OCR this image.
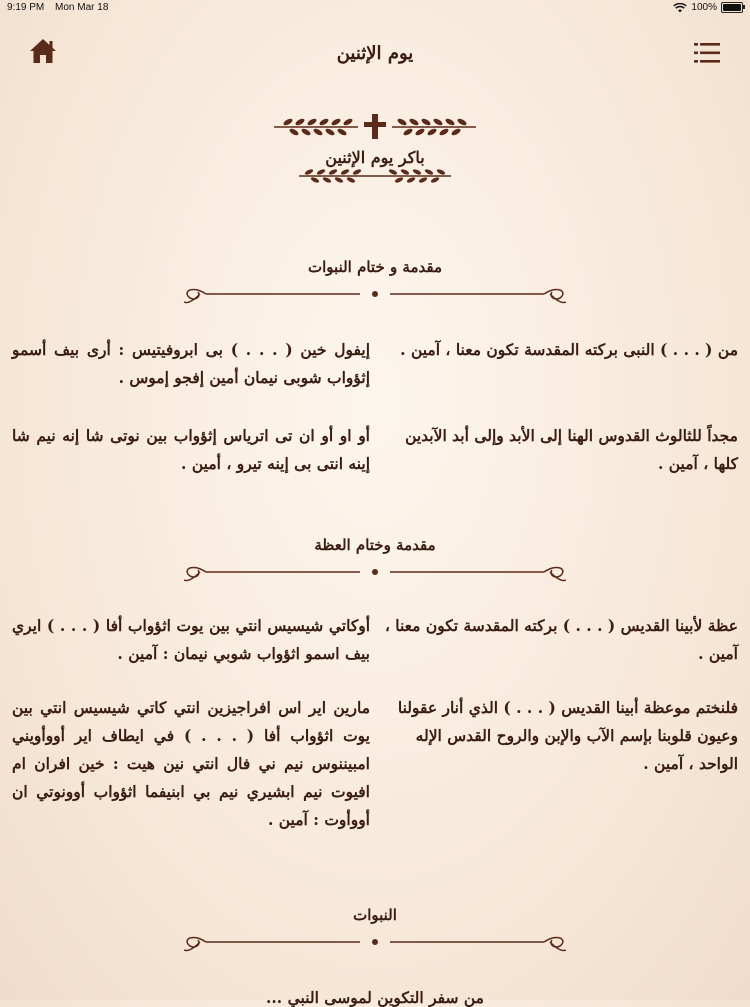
9:19 PM Mon Mar 18	100%
يوم الإثنين
باكر يوم الإثنين
مقدمة و ختام النبوات
من ( . . . ) النبى بركته المقدسة تكون معنا ، آمين .
إيفول خين ( . . . ) بى ابروفيتيس : أرى بيف أسمو إثؤواب شوبى نيمان أمين إفجو إموس .
مجداً للثالوث القدوس الهنا إلى الأبد وإلى أبد الآبدين كلها ، آمين .
أو او أو ان تى اترياس إثؤواب بين نوتى شا إنه نيم شا إينه انتى بى إينه تيرو ، أمين .
مقدمة وختام العظة
عظة لأبينا القديس ( . . . ) بركته المقدسة تكون معنا ، آمين .
أوكاتي شيسيس انتي بين يوت اثؤواب أفا ( . . . ) ايري بيف اسمو اثؤواب شوبي نيمان : آمين .
فلنختم موعظة أبينا القديس ( . . . ) الذي أنار عقولنا وعيون قلوبنا بإسم الآب والإبن والروح القدس الإله الواحد ، آمين .
مارين اير اس افراجيزين انتي كاتي شيسيس انتي بين يوت اثؤواب أفا ( . . . ) في ايطاف اير أووأويني امبيننوس نيم ني فال انتي نين هيت : خين افران ام افيوت نيم ابشيري نيم بي ابنيفما اثؤواب أوونوتي ان أووأوت : آمين .
النبوات
من سفر التكوين لموسى النبي ...
